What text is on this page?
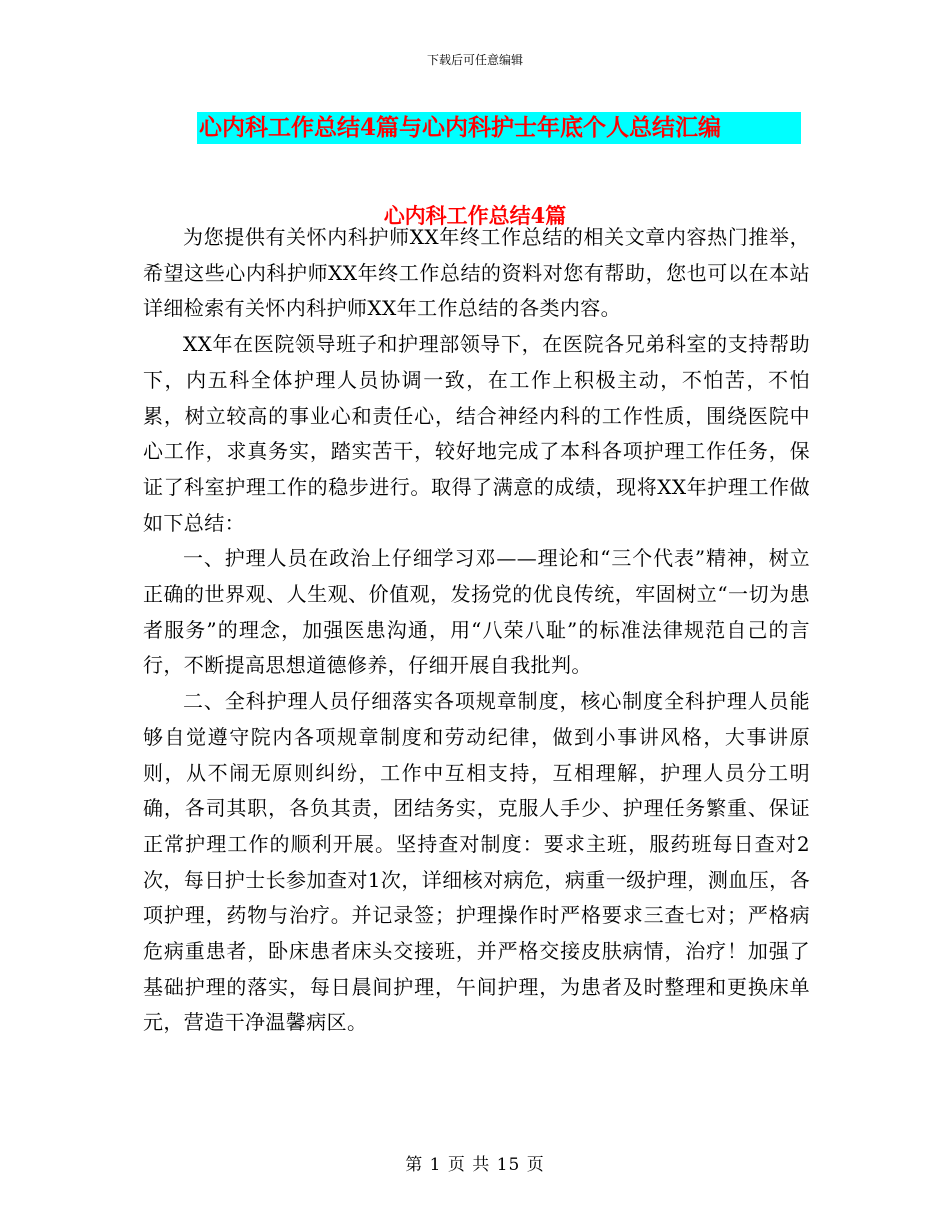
下载后可任意编辑
心内科工作总结4篇与心内科护士年底个人总结汇编
心内科工作总结4篇

为您提供有关怀内科护师XX年终工作总结的相关文章内容热门推举，希望这些心内科护师XX年终工作总结的资料对您有帮助，您也可以在本站详细检索有关怀内科护师XX年工作总结的各类内容。

XX年在医院领导班子和护理部领导下，在医院各兄弟科室的支持帮助下，内五科全体护理人员协调一致，在工作上积极主动，不怕苦，不怕累，树立较高的事业心和责任心，结合神经内科的工作性质，围绕医院中心工作，求真务实，踏实苦干，较好地完成了本科各项护理工作任务，保证了科室护理工作的稳步进行。取得了满意的成绩，现将XX年护理工作做如下总结：

一、护理人员在政治上仔细学习邓——理论和“三个代表”精神，树立正确的世界观、人生观、价值观，发扬党的优良传统，牢固树立“一切为患者服务”的理念，加强医患沟通，用“八荣八耻”的标准法律规范自己的言行，不断提高思想道德修养，仔细开展自我批判。

二、全科护理人员仔细落实各项规章制度，核心制度全科护理人员能够自觉遵守院内各项规章制度和劳动纪律，做到小事讲风格，大事讲原则，从不闹无原则纠纷，工作中互相支持，互相理解，护理人员分工明确，各司其职，各负其责，团结务实，克服人手少、护理任务繁重、保证正常护理工作的顺利开展。坚持查对制度：要求主班，服药班每日查对2次，每日护士长参加查对1次，详细核对病危，病重一级护理，测血压，各项护理，药物与治疗。并记录签；护理操作时严格要求三查七对；严格病危病重患者，卧床患者床头交接班，并严格交接皮肤病情，治疗！加强了基础护理的落实，每日晨间护理，午间护理，为患者及时整理和更换床单元，营造干净温馨病区。

第 1 页 共 15 页
